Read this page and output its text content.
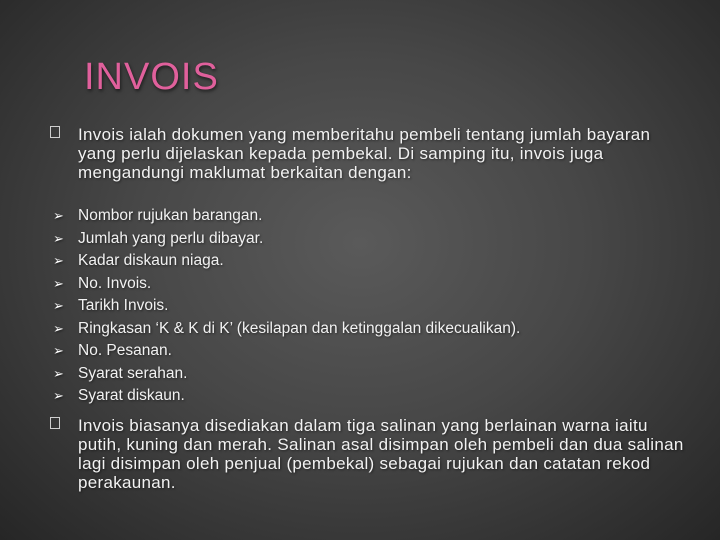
INVOIS
Invois ialah dokumen yang memberitahu pembeli tentang jumlah bayaran yang perlu dijelaskan kepada pembekal. Di samping itu, invois juga mengandungi maklumat berkaitan dengan:
➢ Nombor rujukan barangan.
➢ Jumlah yang perlu dibayar.
➢ Kadar diskaun niaga.
➢ No. Invois.
➢ Tarikh Invois.
➢ Ringkasan ‘K & K di K’ (kesilapan dan ketinggalan dikecualikan).
➢ No. Pesanan.
➢ Syarat serahan.
➢ Syarat diskaun.
Invois biasanya disediakan dalam tiga salinan yang berlainan warna iaitu putih, kuning dan merah. Salinan asal disimpan oleh pembeli dan dua salinan lagi disimpan oleh penjual (pembekal) sebagai rujukan dan catatan rekod perakaunan.
